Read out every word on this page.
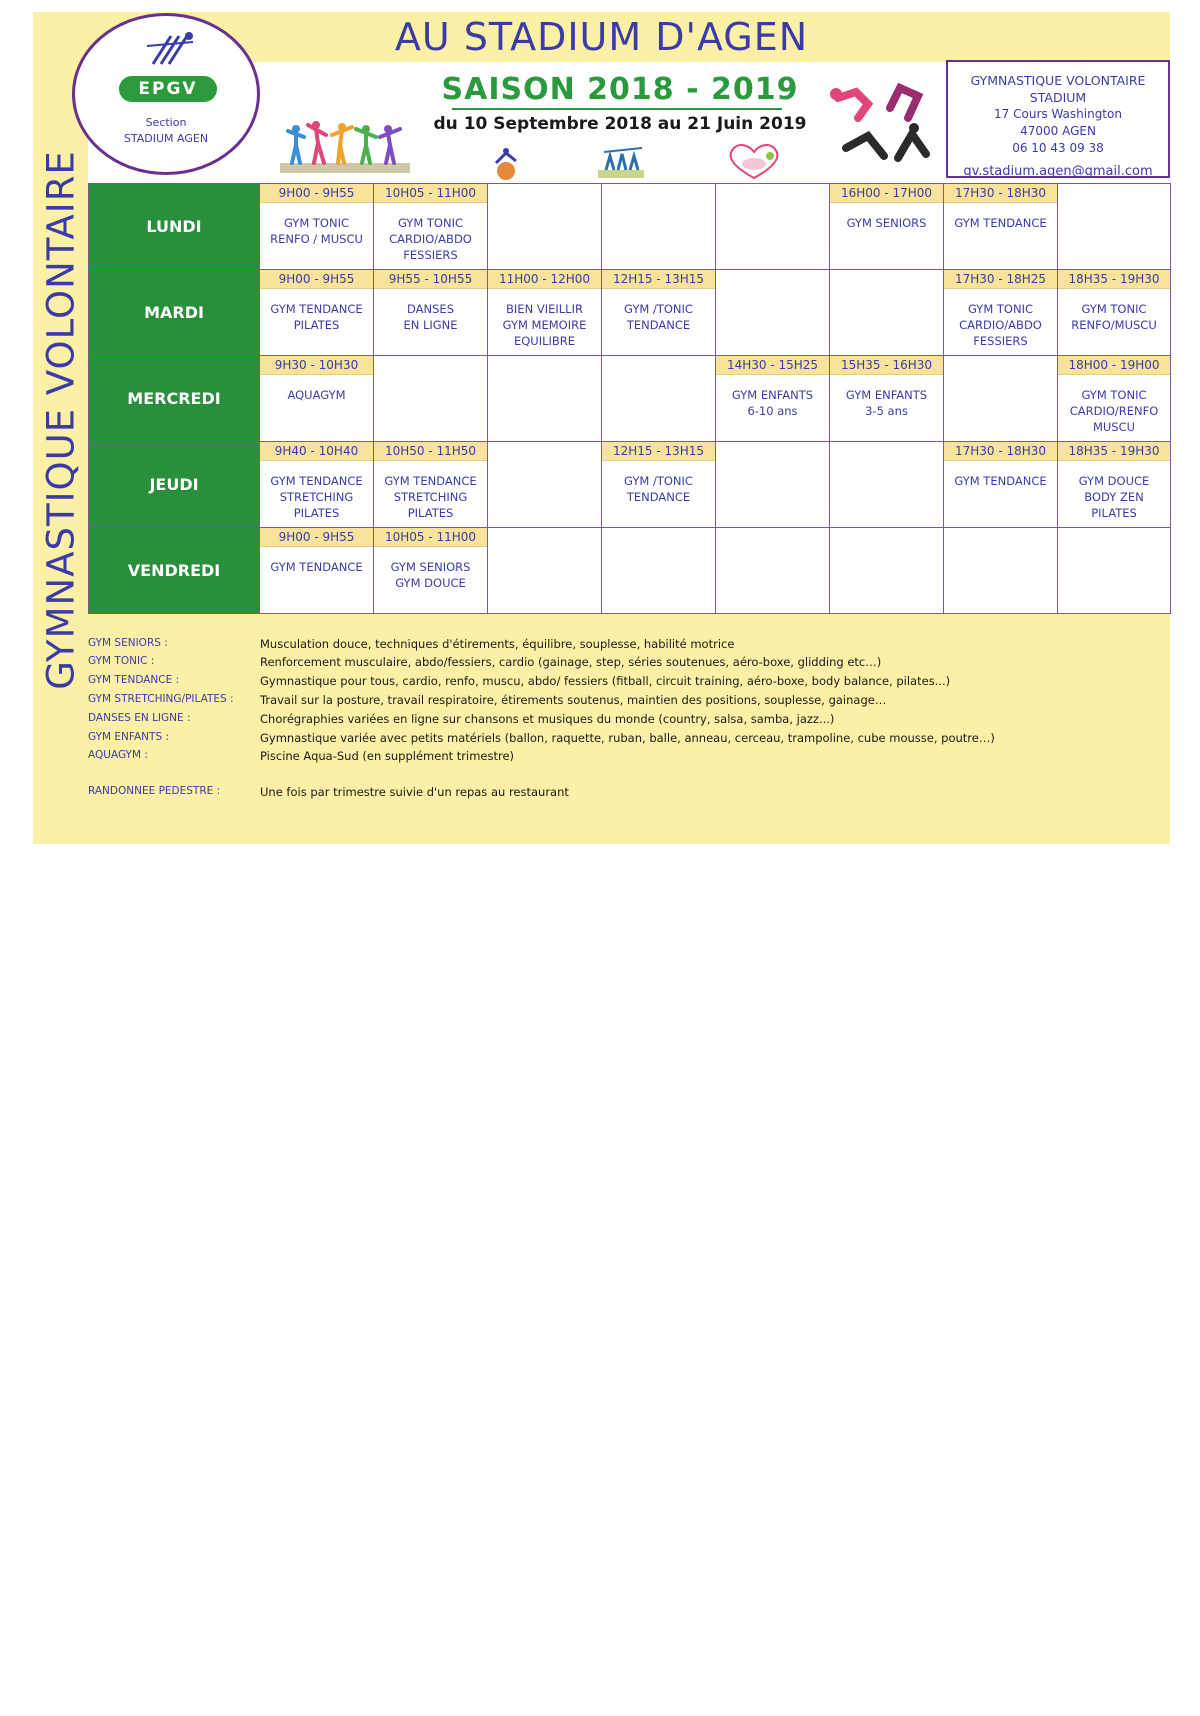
AU STADIUM D'AGEN
GYMNASTIQUE VOLONTAIRE
EPGV
Section
STADIUM AGEN
SAISON 2018 - 2019
du 10 Septembre 2018 au 21 Juin 2019
GYMNASTIQUE VOLONTAIRE
STADIUM
17 Cours Washington
47000 AGEN
06 10 43 09 38
gv.stadium.agen@gmail.com
LUNDI	9H00 - 9H55
GYM TONIC
RENFO / MUSCU	10H05 - 11H00
GYM TONIC
CARDIO/ABDO
FESSIERS				16H00 - 17H00
GYM SENIORS	17H30 - 18H30
GYM TENDANCE	

MARDI	9H00 - 9H55
GYM TENDANCE
PILATES	9H55 - 10H55
DANSES
EN LIGNE	11H00 - 12H00
BIEN VIEILLIR
GYM MEMOIRE
EQUILIBRE	12H15 - 13H15
GYM /TONIC
TENDANCE			17H30 - 18H25
GYM TONIC
CARDIO/ABDO
FESSIERS	18H35 - 19H30
GYM TONIC
RENFO/MUSCU

MERCREDI	9H30 - 10H30
AQUAGYM				14H30 - 15H25
GYM ENFANTS
6-10 ans	15H35 - 16H30
GYM ENFANTS
3-5 ans		18H00 - 19H00
GYM TONIC
CARDIO/RENFO
MUSCU

JEUDI	9H40 - 10H40
GYM TENDANCE
STRETCHING
PILATES	10H50 - 11H50
GYM TENDANCE
STRETCHING
PILATES		12H15 - 13H15
GYM /TONIC
TENDANCE			17H30 - 18H30
GYM TENDANCE	18H35 - 19H30
GYM DOUCE
BODY ZEN
PILATES

VENDREDI	9H00 - 9H55
GYM TENDANCE	10H05 - 11H00
GYM SENIORS
GYM DOUCE						

GYM SENIORS :	Musculation douce, techniques d'étirements, équilibre, souplesse, habilité motrice
GYM TONIC :	Renforcement musculaire, abdo/fessiers, cardio (gainage, step, séries soutenues, aéro-boxe, glidding etc…)
GYM TENDANCE :	Gymnastique pour tous, cardio, renfo, muscu, abdo/ fessiers (fitball, circuit training, aéro-boxe, body balance, pilates...)
GYM STRETCHING/PILATES :	Travail sur la posture, travail respiratoire, étirements soutenus, maintien des positions, souplesse, gainage…
DANSES EN LIGNE :	Chorégraphies variées en ligne sur chansons et musiques du monde (country, salsa, samba, jazz...)
GYM ENFANTS :	Gymnastique variée avec petits matériels (ballon, raquette, ruban, balle, anneau, cerceau, trampoline, cube mousse, poutre…)
AQUAGYM :	Piscine Aqua-Sud (en supplément trimestre)
RANDONNEE PEDESTRE :	Une fois par trimestre suivie d'un repas au restaurant
